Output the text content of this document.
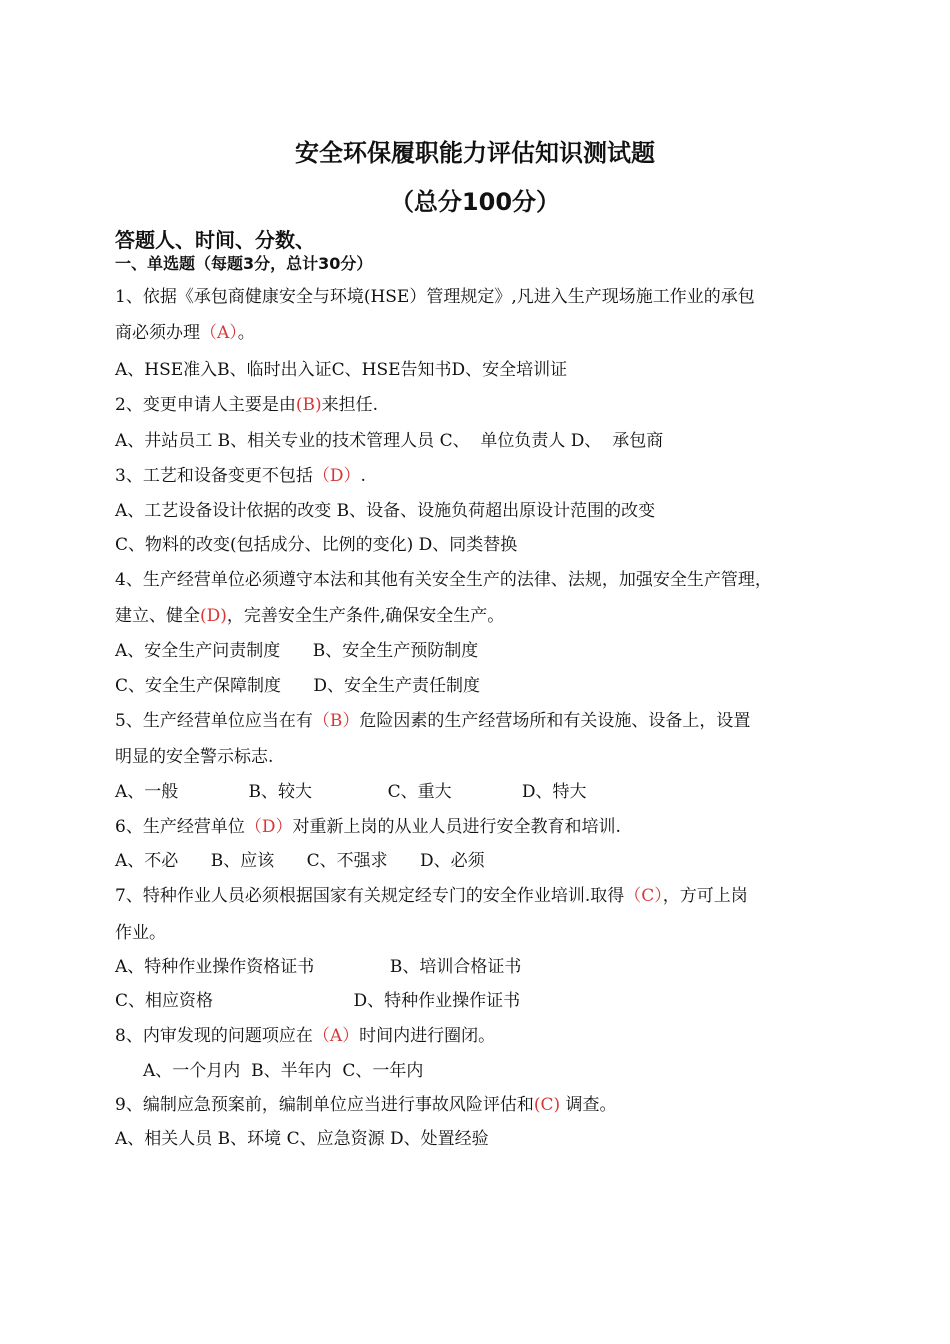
安全环保履职能力评估知识测试题
（总分100分）
答题人、时间、分数、
一、单选题（每题3分，总计30分）
1、依据《承包商健康安全与环境(HSE）管理规定》,凡进入生产现场施工作业的承包
商必须办理（A）。
A、HSE准入B、临时出入证C、HSE告知书D、安全培训证
2、变更申请人主要是由(B)来担任.
A、井站员工 B、相关专业的技术管理人员 C、  单位负责人 D、  承包商
3、工艺和设备变更不包括（D）.
A、工艺设备设计依据的改变 B、设备、设施负荷超出原设计范围的改变
C、物料的改变(包括成分、比例的变化) D、同类替换
4、生产经营单位必须遵守本法和其他有关安全生产的法律、法规，加强安全生产管理，
建立、健全(D)，完善安全生产条件,确保安全生产。
A、安全生产问责制度      B、安全生产预防制度
C、安全生产保障制度      D、安全生产责任制度
5、生产经营单位应当在有（B）危险因素的生产经营场所和有关设施、设备上，设置
明显的安全警示标志.
A、一般             B、较大              C、重大             D、特大
6、生产经营单位（D）对重新上岗的从业人员进行安全教育和培训.
A、不必      B、应该      C、不强求      D、必须
7、特种作业人员必须根据国家有关规定经专门的安全作业培训.取得（C），方可上岗
作业。
A、特种作业操作资格证书              B、培训合格证书
C、相应资格                          D、特种作业操作证书
8、内审发现的问题项应在（A）时间内进行圈闭。
A、一个月内  B、半年内  C、一年内
9、编制应急预案前，编制单位应当进行事故风险评估和(C) 调查。
A、相关人员 B、环境 C、应急资源 D、处置经验
